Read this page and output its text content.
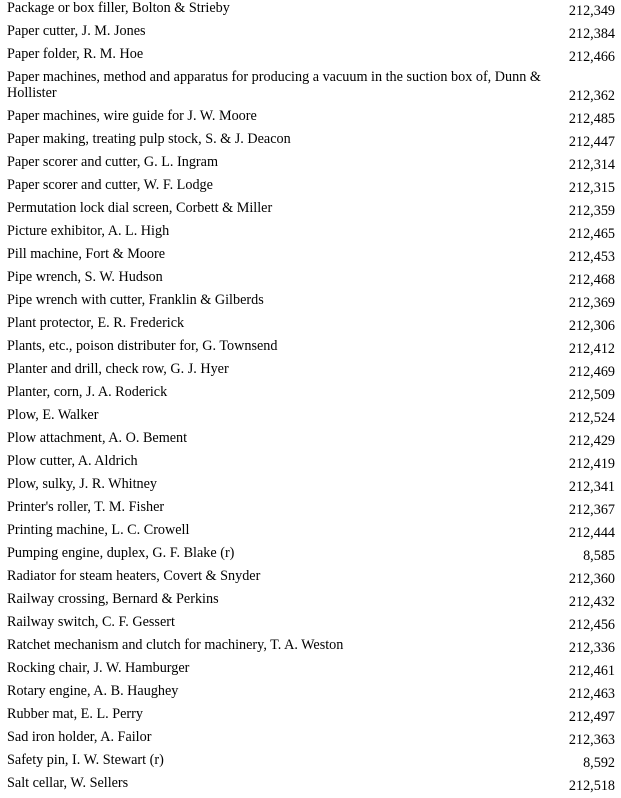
Package or box filler, Bolton & Strieby	212,349
Paper cutter, J. M. Jones	212,384
Paper folder, R. M. Hoe	212,466
Paper machines, method and apparatus for producing a vacuum in the suction box of, Dunn & Hollister	212,362
Paper machines, wire guide for J. W. Moore	212,485
Paper making, treating pulp stock, S. & J. Deacon	212,447
Paper scorer and cutter, G. L. Ingram	212,314
Paper scorer and cutter, W. F. Lodge	212,315
Permutation lock dial screen, Corbett & Miller	212,359
Picture exhibitor, A. L. High	212,465
Pill machine, Fort & Moore	212,453
Pipe wrench, S. W. Hudson	212,468
Pipe wrench with cutter, Franklin & Gilberds	212,369
Plant protector, E. R. Frederick	212,306
Plants, etc., poison distributer for, G. Townsend	212,412
Planter and drill, check row, G. J. Hyer	212,469
Planter, corn, J. A. Roderick	212,509
Plow, E. Walker	212,524
Plow attachment, A. O. Bement	212,429
Plow cutter, A. Aldrich	212,419
Plow, sulky, J. R. Whitney	212,341
Printer's roller, T. M. Fisher	212,367
Printing machine, L. C. Crowell	212,444
Pumping engine, duplex, G. F. Blake (r)	8,585
Radiator for steam heaters, Covert & Snyder	212,360
Railway crossing, Bernard & Perkins	212,432
Railway switch, C. F. Gessert	212,456
Ratchet mechanism and clutch for machinery, T. A. Weston	212,336
Rocking chair, J. W. Hamburger	212,461
Rotary engine, A. B. Haughey	212,463
Rubber mat, E. L. Perry	212,497
Sad iron holder, A. Failor	212,363
Safety pin, I. W. Stewart (r)	8,592
Salt cellar, W. Sellers	212,518
